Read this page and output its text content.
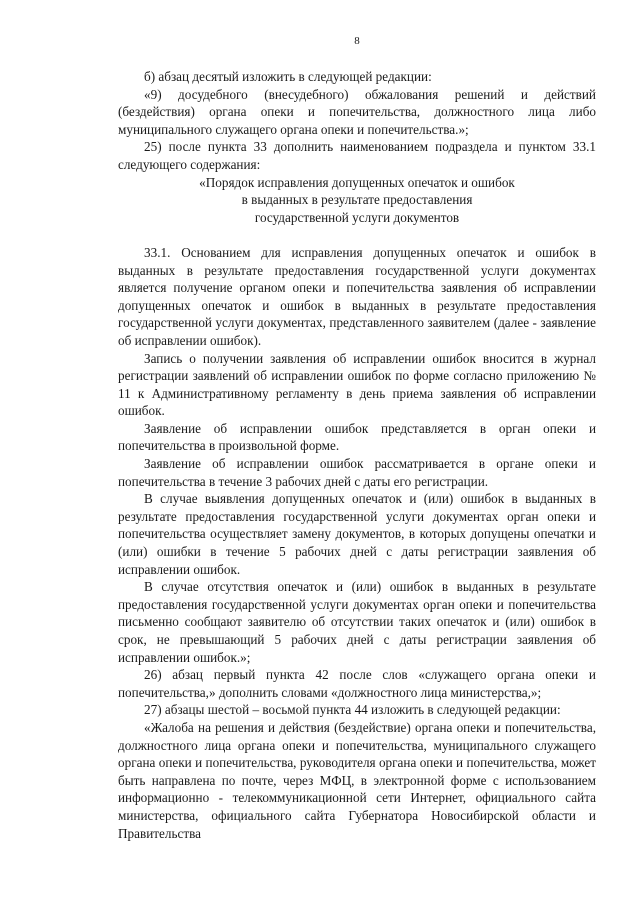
8

б) абзац десятый изложить в следующей редакции:

«9) досудебного (внесудебного) обжалования решений и действий (бездействия) органа опеки и попечительства, должностного лица либо муниципального служащего органа опеки и попечительства.»;

25) после пункта 33 дополнить наименованием подраздела и пунктом 33.1 следующего содержания:

«Порядок исправления допущенных опечаток и ошибок
в выданных в результате предоставления
государственной услуги документов

33.1. Основанием для исправления допущенных опечаток и ошибок в выданных в результате предоставления государственной услуги документах является получение органом опеки и попечительства заявления об исправлении допущенных опечаток и ошибок в выданных в результате предоставления государственной услуги документах, представленного заявителем (далее - заявление об исправлении ошибок).

Запись о получении заявления об исправлении ошибок вносится в журнал регистрации заявлений об исправлении ошибок по форме согласно приложению № 11 к Административному регламенту в день приема заявления об исправлении ошибок.

Заявление об исправлении ошибок представляется в орган опеки и попечительства в произвольной форме.

Заявление об исправлении ошибок рассматривается в органе опеки и попечительства в течение 3 рабочих дней с даты его регистрации.

В случае выявления допущенных опечаток и (или) ошибок в выданных в результате предоставления государственной услуги документах орган опеки и попечительства осуществляет замену документов, в которых допущены опечатки и (или) ошибки в течение 5 рабочих дней с даты регистрации заявления об исправлении ошибок.

В случае отсутствия опечаток и (или) ошибок в выданных в результате предоставления государственной услуги документах орган опеки и попечительства письменно сообщают заявителю об отсутствии таких опечаток и (или) ошибок в срок, не превышающий 5 рабочих дней с даты регистрации заявления об исправлении ошибок.»;

26) абзац первый пункта 42 после слов «служащего органа опеки и попечительства,» дополнить словами «должностного лица министерства,»;

27) абзацы шестой – восьмой пункта 44 изложить в следующей редакции:

«Жалоба на решения и действия (бездействие) органа опеки и попечительства, должностного лица органа опеки и попечительства, муниципального служащего органа опеки и попечительства, руководителя органа опеки и попечительства, может быть направлена по почте, через МФЦ, в электронной форме с использованием информационно - телекоммуникационной сети Интернет, официального сайта министерства, официального сайта Губернатора Новосибирской области и Правительства
